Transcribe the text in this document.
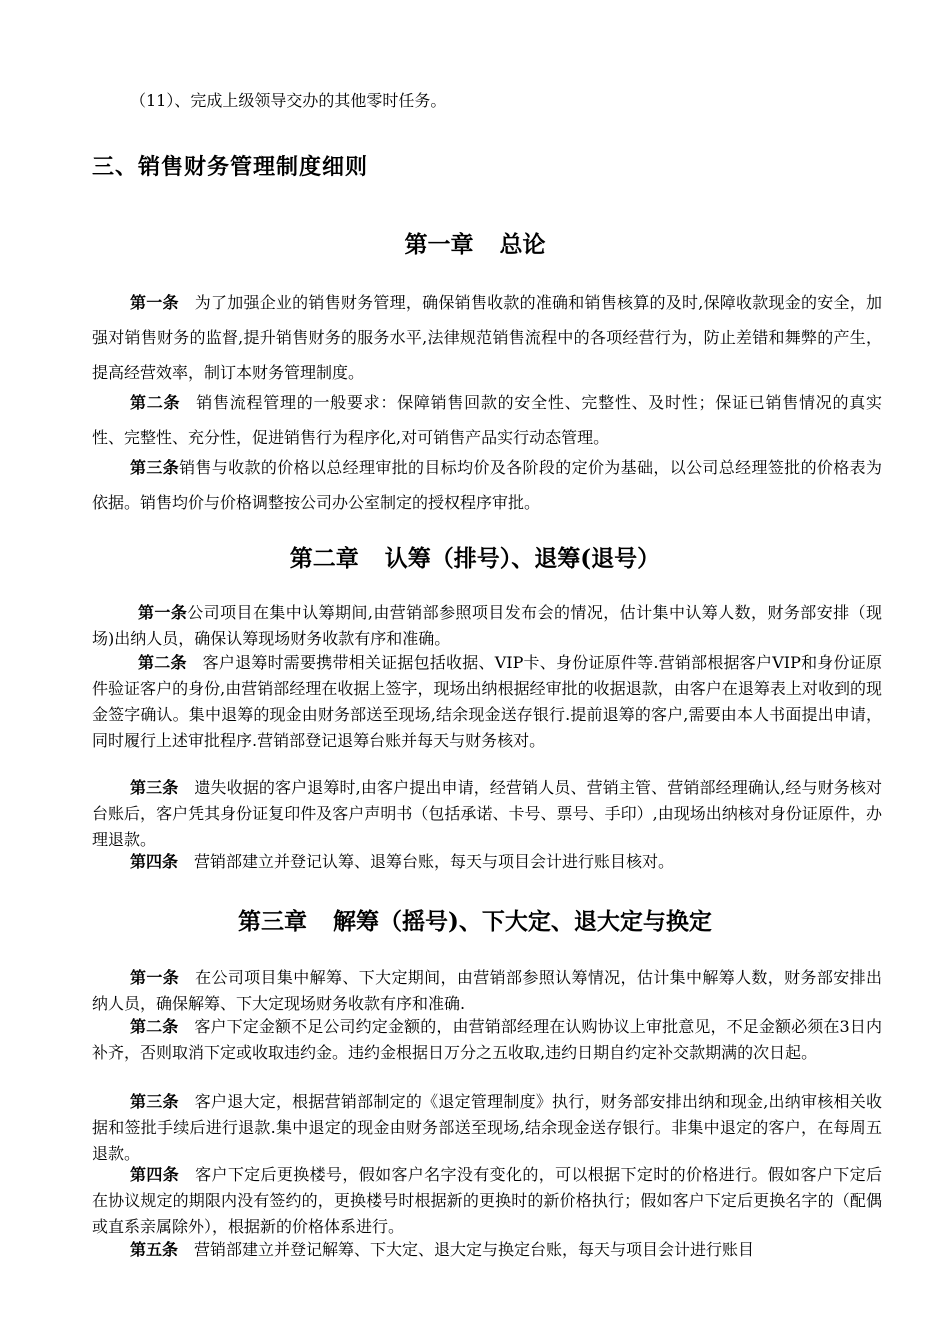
（11）、完成上级领导交办的其他零时任务。
三、销售财务管理制度细则
第一章 总论
第一条 为了加强企业的销售财务管理，确保销售收款的准确和销售核算的及时,保障收款现金的安全，加强对销售财务的监督,提升销售财务的服务水平,法律规范销售流程中的各项经营行为，防止差错和舞弊的产生，提高经营效率，制订本财务管理制度。
第二条 销售流程管理的一般要求：保障销售回款的安全性、完整性、及时性；保证已销售情况的真实性、完整性、充分性，促进销售行为程序化,对可销售产品实行动态管理。
第三条销售与收款的价格以总经理审批的目标均价及各阶段的定价为基础，以公司总经理签批的价格表为依据。销售均价与价格调整按公司办公室制定的授权程序审批。
第二章 认筹（排号）、退筹(退号）
第一条公司项目在集中认筹期间,由营销部参照项目发布会的情况，估计集中认筹人数，财务部安排（现场)出纳人员，确保认筹现场财务收款有序和准确。
第二条 客户退筹时需要携带相关证据包括收据、VIP卡、身份证原件等.营销部根据客户VIP和身份证原件验证客户的身份,由营销部经理在收据上签字，现场出纳根据经审批的收据退款，由客户在退筹表上对收到的现金签字确认。集中退筹的现金由财务部送至现场,结余现金送存银行.提前退筹的客户,需要由本人书面提出申请，同时履行上述审批程序.营销部登记退筹台账并每天与财务核对。
第三条 遗失收据的客户退筹时,由客户提出申请，经营销人员、营销主管、营销部经理确认,经与财务核对台账后，客户凭其身份证复印件及客户声明书（包括承诺、卡号、票号、手印）,由现场出纳核对身份证原件，办理退款。
第四条 营销部建立并登记认筹、退筹台账，每天与项目会计进行账目核对。
第三章 解筹（摇号)、下大定、退大定与换定
第一条 在公司项目集中解筹、下大定期间，由营销部参照认筹情况，估计集中解筹人数，财务部安排出纳人员，确保解筹、下大定现场财务收款有序和准确.
第二条 客户下定金额不足公司约定金额的，由营销部经理在认购协议上审批意见，不足金额必须在3日内补齐，否则取消下定或收取违约金。违约金根据日万分之五收取,违约日期自约定补交款期满的次日起。
第三条 客户退大定，根据营销部制定的《退定管理制度》执行，财务部安排出纳和现金,出纳审核相关收据和签批手续后进行退款.集中退定的现金由财务部送至现场,结余现金送存银行。非集中退定的客户，在每周五退款。
第四条 客户下定后更换楼号，假如客户名字没有变化的，可以根据下定时的价格进行。假如客户下定后在协议规定的期限内没有签约的，更换楼号时根据新的更换时的新价格执行；假如客户下定后更换名字的（配偶或直系亲属除外），根据新的价格体系进行。
第五条 营销部建立并登记解筹、下大定、退大定与换定台账，每天与项目会计进行账目
